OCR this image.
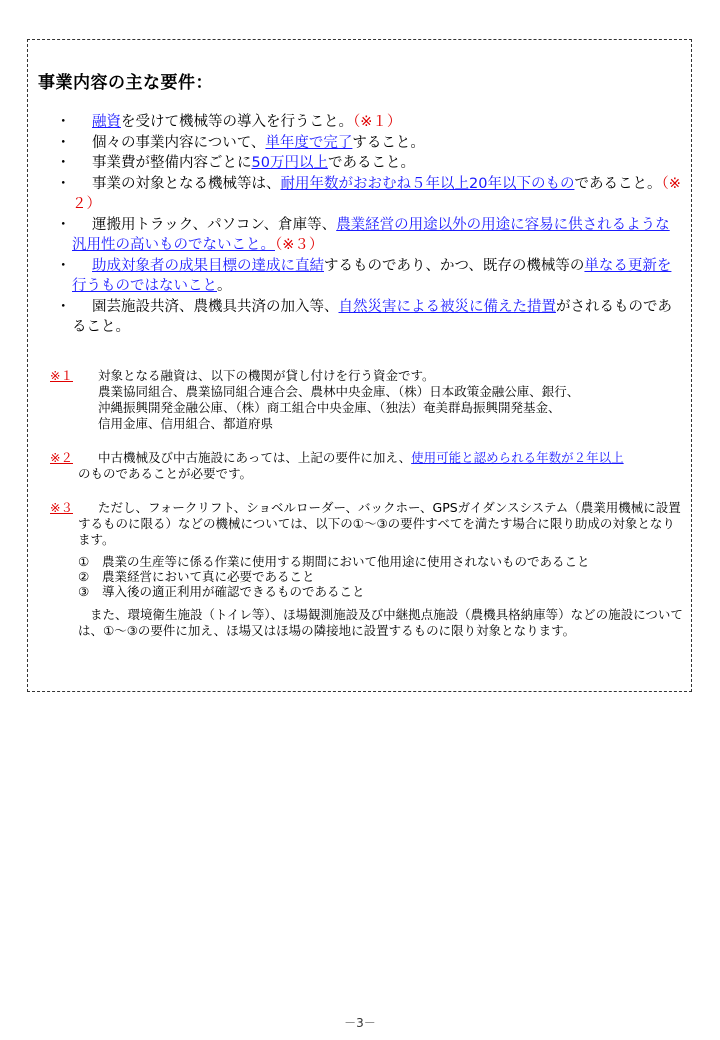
事業内容の主な要件：
・ 融資を受けて機械等の導入を行うこと。（※１）
・ 個々の事業内容について、単年度で完了すること。
・ 事業費が整備内容ごとに50万円以上であること。
・ 事業の対象となる機械等は、耐用年数がおおむね５年以上20年以下のものであること。（※２）
・ 運搬用トラック、パソコン、倉庫等、農業経営の用途以外の用途に容易に供されるような汎用性の高いものでないこと。（※３）
・ 助成対象者の成果目標の達成に直結するものであり、かつ、既存の機械等の単なる更新を行うものではないこと。
・ 園芸施設共済、農機具共済の加入等、自然災害による被災に備えた措置がされるものであること。
※１ 対象となる融資は、以下の機関が貸し付けを行う資金です。
農業協同組合、農業協同組合連合会、農林中央金庫、（株）日本政策金融公庫、銀行、
沖縄振興開発金融公庫、（株）商工組合中央金庫、（独法）奄美群島振興開発基金、
信用金庫、信用組合、都道府県
※２	中古機械及び中古施設にあっては、上記の要件に加え、使用可能と認められる年数が２年以上
のものであることが必要です。
※３	ただし、フォークリフト、ショベルローダー、バックホー、GPSガイダンスシステム（農業用機械に設置するものに限る）などの機械については、以下の①～③の要件すべてを満たす場合に限り助成の対象となります。
① 農業の生産等に係る作業に使用する期間において他用途に使用されないものであること
② 農業経営において真に必要であること
③ 導入後の適正利用が確認できるものであること
また、環境衛生施設（トイレ等）、ほ場観測施設及び中継拠点施設（農機具格納庫等）などの施設については、①～③の要件に加え、ほ場又はほ場の隣接地に設置するものに限り対象となります。
－3－
